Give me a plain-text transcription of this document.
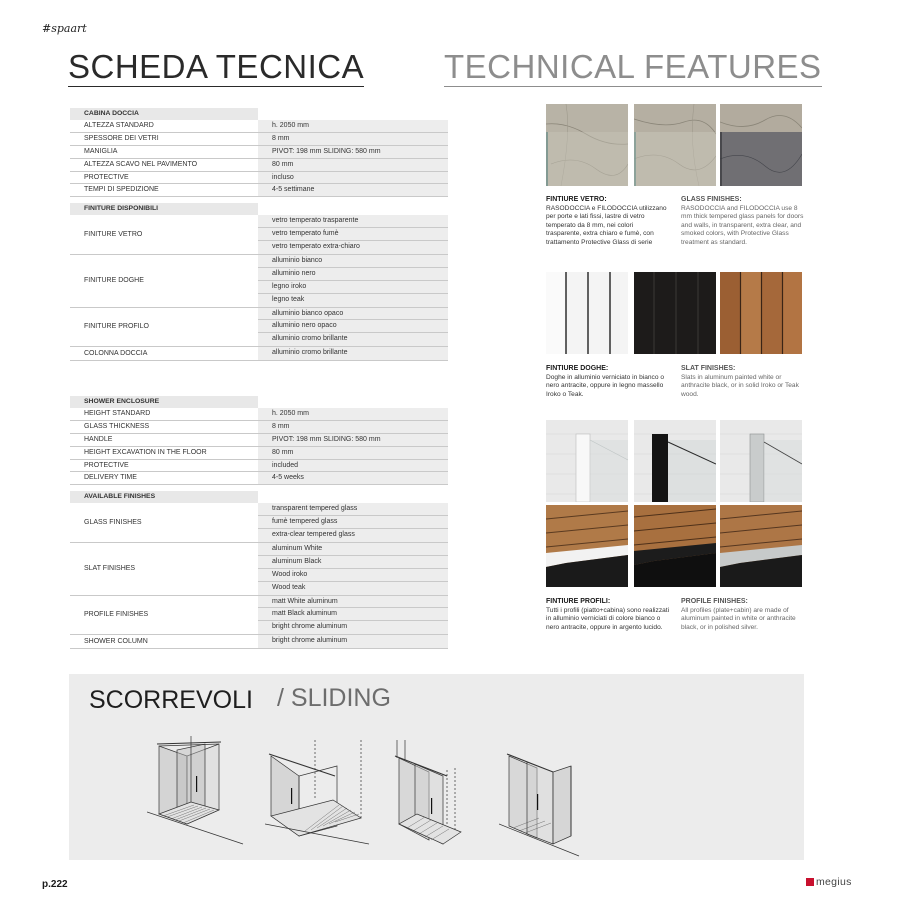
#spaart
SCHEDA TECNICA TECHNICAL FEATURES
CABINA DOCCIA
ALTEZZA STANDARD	h. 2050 mm
SPESSORE DEI VETRI	8 mm
MANIGLIA	PIVOT: 198 mm SLIDING: 580 mm
ALTEZZA SCAVO NEL PAVIMENTO	80 mm
PROTECTIVE	incluso
TEMPI DI SPEDIZIONE	4-5 settimane
FINITURE DISPONIBILI
FINITURE VETRO
vetro temperato trasparente
vetro temperato fumè
vetro temperato extra-chiaro
FINITURE DOGHE
alluminio bianco
alluminio nero
legno iroko
legno teak
FINITURE PROFILO
alluminio bianco opaco
alluminio nero opaco
alluminio cromo brillante
COLONNA DOCCIA	alluminio cromo brillante
SHOWER ENCLOSURE
HEIGHT STANDARD	h. 2050 mm
GLASS THICKNESS	8 mm
HANDLE	PIVOT: 198 mm SLIDING: 580 mm
HEIGHT EXCAVATION IN THE FLOOR	80 mm
PROTECTIVE	included
DELIVERY TIME	4-5 weeks
AVAILABLE FINISHES
GLASS FINISHES
transparent tempered glass
fumè tempered glass
extra-clear tempered glass
SLAT FINISHES
aluminum White
aluminum Black
Wood iroko
Wood teak
PROFILE FINISHES
matt White aluminum
matt Black aluminum
bright chrome aluminum
SHOWER COLUMN	bright chrome aluminum
FINTIURE VETRO:
RASODOCCIA e FILODOCCIA utilizzano per porte e lati fissi, lastre di vetro temperato da 8 mm, nei colori trasparente, extra chiaro e fumè, con trattamento Protective Glass di serie
GLASS FINISHES:
RASODOCCIA and FILODOCCIA use 8 mm thick tempered glass panels for doors and walls, in transparent, extra clear, and smoked colors, with Protective Glass treatment as standard.
FINTIURE DOGHE:
Doghe in alluminio verniciato in bianco o nero antracite, oppure in legno massello Iroko o Teak.
SLAT FINISHES:
Slats in aluminum painted white or anthracite black, or in solid Iroko or Teak wood.
FINTIURE PROFILI:
Tutti i profili (piatto+cabina) sono realizzati in alluminio verniciati di colore bianco o nero antracite, oppure in argento lucido.
PROFILE FINISHES:
All profiles (plate+cabin) are made of aluminum painted in white or anthracite black, or in polished silver.
SCORREVOLI / SLIDING
p.222	megius
